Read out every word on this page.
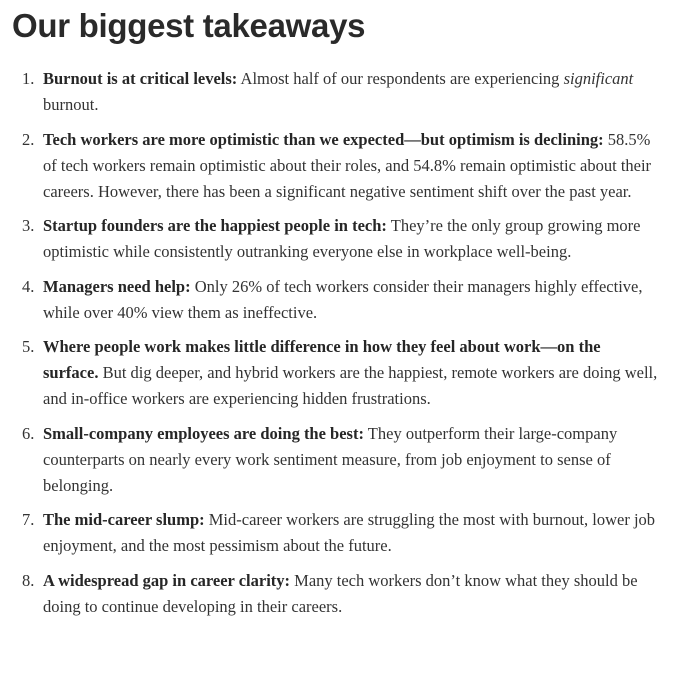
Our biggest takeaways
1. Burnout is at critical levels: Almost half of our respondents are experiencing significant burnout.
2. Tech workers are more optimistic than we expected—but optimism is declining: 58.5% of tech workers remain optimistic about their roles, and 54.8% remain optimistic about their careers. However, there has been a significant negative sentiment shift over the past year.
3. Startup founders are the happiest people in tech: They’re the only group growing more optimistic while consistently outranking everyone else in workplace well-being.
4. Managers need help: Only 26% of tech workers consider their managers highly effective, while over 40% view them as ineffective.
5. Where people work makes little difference in how they feel about work—on the surface. But dig deeper, and hybrid workers are the happiest, remote workers are doing well, and in-office workers are experiencing hidden frustrations.
6. Small-company employees are doing the best: They outperform their large-company counterparts on nearly every work sentiment measure, from job enjoyment to sense of belonging.
7. The mid-career slump: Mid-career workers are struggling the most with burnout, lower job enjoyment, and the most pessimism about the future.
8. A widespread gap in career clarity: Many tech workers don’t know what they should be doing to continue developing in their careers.
